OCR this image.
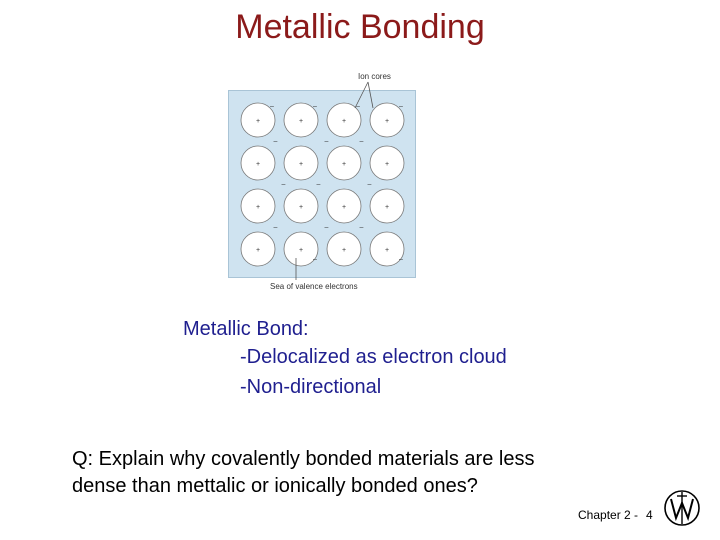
Metallic Bonding
Ion cores
+	+	+	+
+	+	+	+
+	+	+	+
+	+	+	+
–	–	–
–	–	–
–	–	–
–	–
–
–	–
–
Sea of valence electrons
Metallic Bond:
-Delocalized as electron cloud
-Non-directional
Q: Explain why covalently bonded materials are less
dense than mettalic or ionically bonded ones?
Chapter 2 - 4
